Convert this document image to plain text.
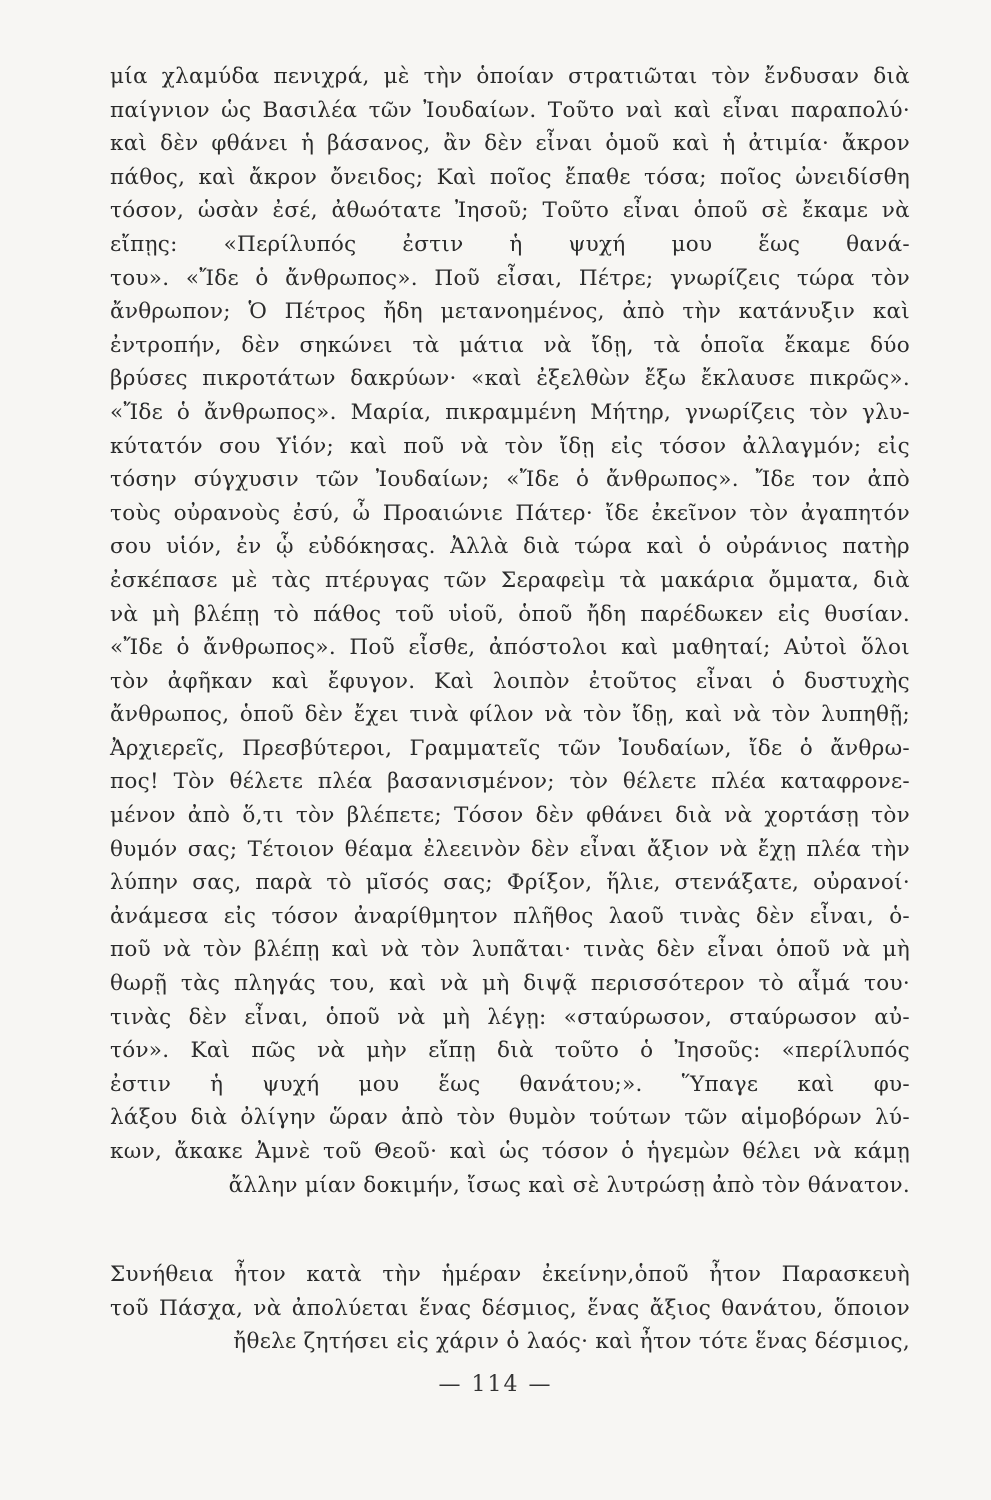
μία χλαμύδα πενιχρά, μὲ τὴν ὁποίαν στρατιῶται τὸν ἔνδυσαν διὰ
παίγνιον ὡς Βασιλέα τῶν Ἰουδαίων. Τοῦτο ναὶ καὶ εἶναι παραπολύ·
καὶ δὲν φθάνει ἡ βάσανος, ἂν δὲν εἶναι ὁμοῦ καὶ ἡ ἀτιμία· ἄκρον
πάθος, καὶ ἄκρον ὄνειδος; Καὶ ποῖος ἔπαθε τόσα; ποῖος ὠνειδίσθη
τόσον, ὡσὰν ἐσέ, ἀθωότατε Ἰησοῦ; Τοῦτο εἶναι ὁποῦ σὲ ἔκαμε νὰ
εἴπῃς: «Περίλυπός ἐστιν ἡ ψυχή μου ἕως θανά-
του». «Ἴδε ὁ ἄνθρωπος». Ποῦ εἶσαι, Πέτρε; γνωρίζεις τώρα τὸν
ἄνθρωπον; Ὁ Πέτρος ἤδη μετανοημένος, ἀπὸ τὴν κατάνυξιν καὶ
ἐντροπήν, δὲν σηκώνει τὰ μάτια νὰ ἴδῃ, τὰ ὁποῖα ἔκαμε δύο
βρύσες πικροτάτων δακρύων· «καὶ ἐξελθὼν ἔξω ἔκλαυσε πικρῶς».
«Ἴδε ὁ ἄνθρωπος». Μαρία, πικραμμένη Μήτηρ, γνωρίζεις τὸν γλυ-
κύτατόν σου Υἱόν; καὶ ποῦ νὰ τὸν ἴδῃ εἰς τόσον ἀλλαγμόν; εἰς
τόσην σύγχυσιν τῶν Ἰουδαίων; «Ἴδε ὁ ἄνθρωπος». Ἴδε τον ἀπὸ
τοὺς οὐρανοὺς ἐσύ, ὦ Προαιώνιε Πάτερ· ἴδε ἐκεῖνον τὸν ἀγαπητόν
σου υἱόν, ἐν ᾧ εὐδόκησας. Ἀλλὰ διὰ τώρα καὶ ὁ οὐράνιος πατὴρ
ἐσκέπασε μὲ τὰς πτέρυγας τῶν Σεραφεὶμ τὰ μακάρια ὄμματα, διὰ
νὰ μὴ βλέπῃ τὸ πάθος τοῦ υἱοῦ, ὁποῦ ἤδη παρέδωκεν εἰς θυσίαν.
«Ἴδε ὁ ἄνθρωπος». Ποῦ εἶσθε, ἀπόστολοι καὶ μαθηταί; Αὐτοὶ ὅλοι
τὸν ἀφῆκαν καὶ ἔφυγον. Καὶ λοιπὸν ἐτοῦτος εἶναι ὁ δυστυχὴς
ἄνθρωπος, ὁποῦ δὲν ἔχει τινὰ φίλον νὰ τὸν ἴδῃ, καὶ νὰ τὸν λυπηθῇ;
Ἀρχιερεῖς, Πρεσβύτεροι, Γραμματεῖς τῶν Ἰουδαίων, ἴδε ὁ ἄνθρω-
πος! Τὸν θέλετε πλέα βασανισμένον; τὸν θέλετε πλέα καταφρονε-
μένον ἀπὸ ὅ,τι τὸν βλέπετε; Τόσον δὲν φθάνει διὰ νὰ χορτάσῃ τὸν
θυμόν σας; Τέτοιον θέαμα ἐλεεινὸν δὲν εἶναι ἄξιον νὰ ἔχῃ πλέα τὴν
λύπην σας, παρὰ τὸ μῖσός σας; Φρίξον, ἥλιε, στενάξατε, οὐρανοί·
ἀνάμεσα εἰς τόσον ἀναρίθμητον πλῆθος λαοῦ τινὰς δὲν εἶναι, ὁ-
ποῦ νὰ τὸν βλέπῃ καὶ νὰ τὸν λυπᾶται· τινὰς δὲν εἶναι ὁποῦ νὰ μὴ
θωρῇ τὰς πληγάς του, καὶ νὰ μὴ διψᾷ περισσότερον τὸ αἷμά του·
τινὰς δὲν εἶναι, ὁποῦ νὰ μὴ λέγῃ: «σταύρωσον, σταύρωσον αὐ-
τόν». Καὶ πῶς νὰ μὴν εἴπῃ διὰ τοῦτο ὁ Ἰησοῦς: «περίλυπός
ἐστιν ἡ ψυχή μου ἕως θανάτου;». Ὕπαγε καὶ φυ-
λάξου διὰ ὀλίγην ὥραν ἀπὸ τὸν θυμὸν τούτων τῶν αἱμοβόρων λύ-
κων, ἄκακε Ἀμνὲ τοῦ Θεοῦ· καὶ ὡς τόσον ὁ ἡγεμὼν θέλει νὰ κάμῃ
ἄλλην μίαν δοκιμήν, ἴσως καὶ σὲ λυτρώσῃ ἀπὸ τὸν θάνατον.
Συνήθεια ἦτον κατὰ τὴν ἡμέραν ἐκείνην,ὁποῦ ἦτον Παρασκευὴ
τοῦ Πάσχα, νὰ ἀπολύεται ἕνας δέσμιος, ἕνας ἄξιος θανάτου, ὅποιον
ἤθελε ζητήσει εἰς χάριν ὁ λαός· καὶ ἦτον τότε ἕνας δέσμιος,
— 114 —
